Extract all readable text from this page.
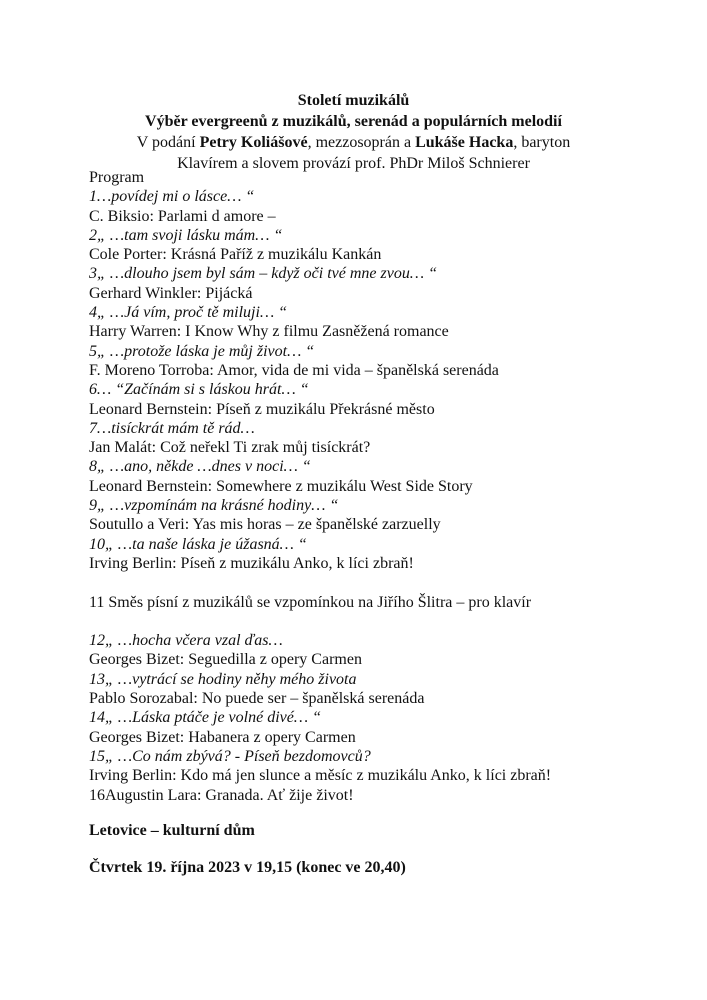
Století muzikálů
Výběr evergreenů z muzikálů, serenád a populárních melodií
V podání Petry Koliášové, mezzosoprán a Lukáše Hacka, baryton
Klavírem a slovem provází prof. PhDr Miloš Schnierer
Program
1…povídej mi o lásce… “
C. Biksio: Parlami d amore –
2„ …tam svoji lásku mám… “
Cole Porter: Krásná Paříž z muzikálu Kankán
3„ …dlouho jsem byl sám – když oči tvé mne zvou… “
Gerhard Winkler: Pijácká
4„ …Já vím, proč tě miluji… “
Harry Warren: I Know Why z filmu Zasněžená romance
5„ …protože láska je můj život… “
F. Moreno Torroba: Amor, vida de mi vida – španělská serenáda
6… “Začínám si s láskou hrát… “
Leonard Bernstein: Píseň z muzikálu Překrásné město
7…tisíckrát mám tě rád…
Jan Malát: Což neřekl Ti zrak můj tisíckrát?
8„ …ano, někde …dnes v noci… “
Leonard Bernstein: Somewhere z muzikálu West Side Story
9„ …vzpomínám na krásné hodiny… “
Soutullo a Veri: Yas mis horas – ze španělské zarzuelly
10„ …ta naše láska je úžasná… “
Irving Berlin: Píseň z muzikálu Anko, k líci zbraň!
11 Směs písní z muzikálů se vzpomínkou na Jiřího Šlitra – pro klavír
12„ …hocha včera vzal ďas…
Georges Bizet: Seguedilla z opery Carmen
13„ …vytrácí se hodiny něhy mého života
Pablo Sorozabal: No puede ser – španělská serenáda
14„ …Láska ptáče je volné divé… “
Georges Bizet: Habanera z opery Carmen
15„ …Co nám zbývá? - Píseň bezdomovců?
Irving Berlin: Kdo má jen slunce a měsíc z muzikálu Anko, k líci zbraň!
16Augustin Lara: Granada. Ať žije život!
Letovice – kulturní dům
Čtvrtek 19. října 2023 v 19,15 (konec ve 20,40)
